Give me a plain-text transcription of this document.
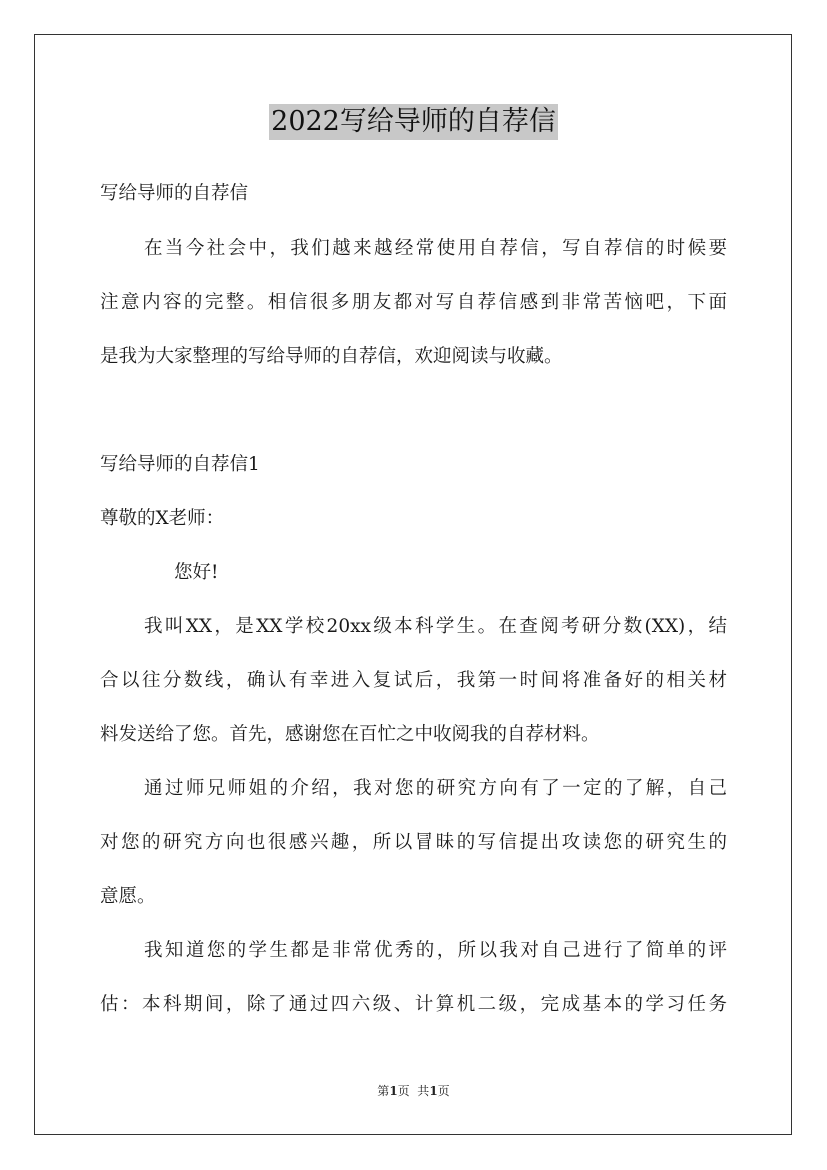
2022写给导师的自荐信
写给导师的自荐信
在当今社会中，我们越来越经常使用自荐信，写自荐信的时候要
注意内容的完整。相信很多朋友都对写自荐信感到非常苦恼吧，下面
是我为大家整理的写给导师的自荐信，欢迎阅读与收藏。
写给导师的自荐信1
尊敬的X老师：
您好!
我叫XX，是XX学校20xx级本科学生。在查阅考研分数(XX)，结
合以往分数线，确认有幸进入复试后，我第一时间将准备好的相关材
料发送给了您。首先，感谢您在百忙之中收阅我的自荐材料。
通过师兄师姐的介绍，我对您的研究方向有了一定的了解，自己
对您的研究方向也很感兴趣，所以冒昧的写信提出攻读您的研究生的
意愿。
我知道您的学生都是非常优秀的，所以我对自己进行了简单的评
估：本科期间，除了通过四六级、计算机二级，完成基本的学习任务
第1页  共1页
